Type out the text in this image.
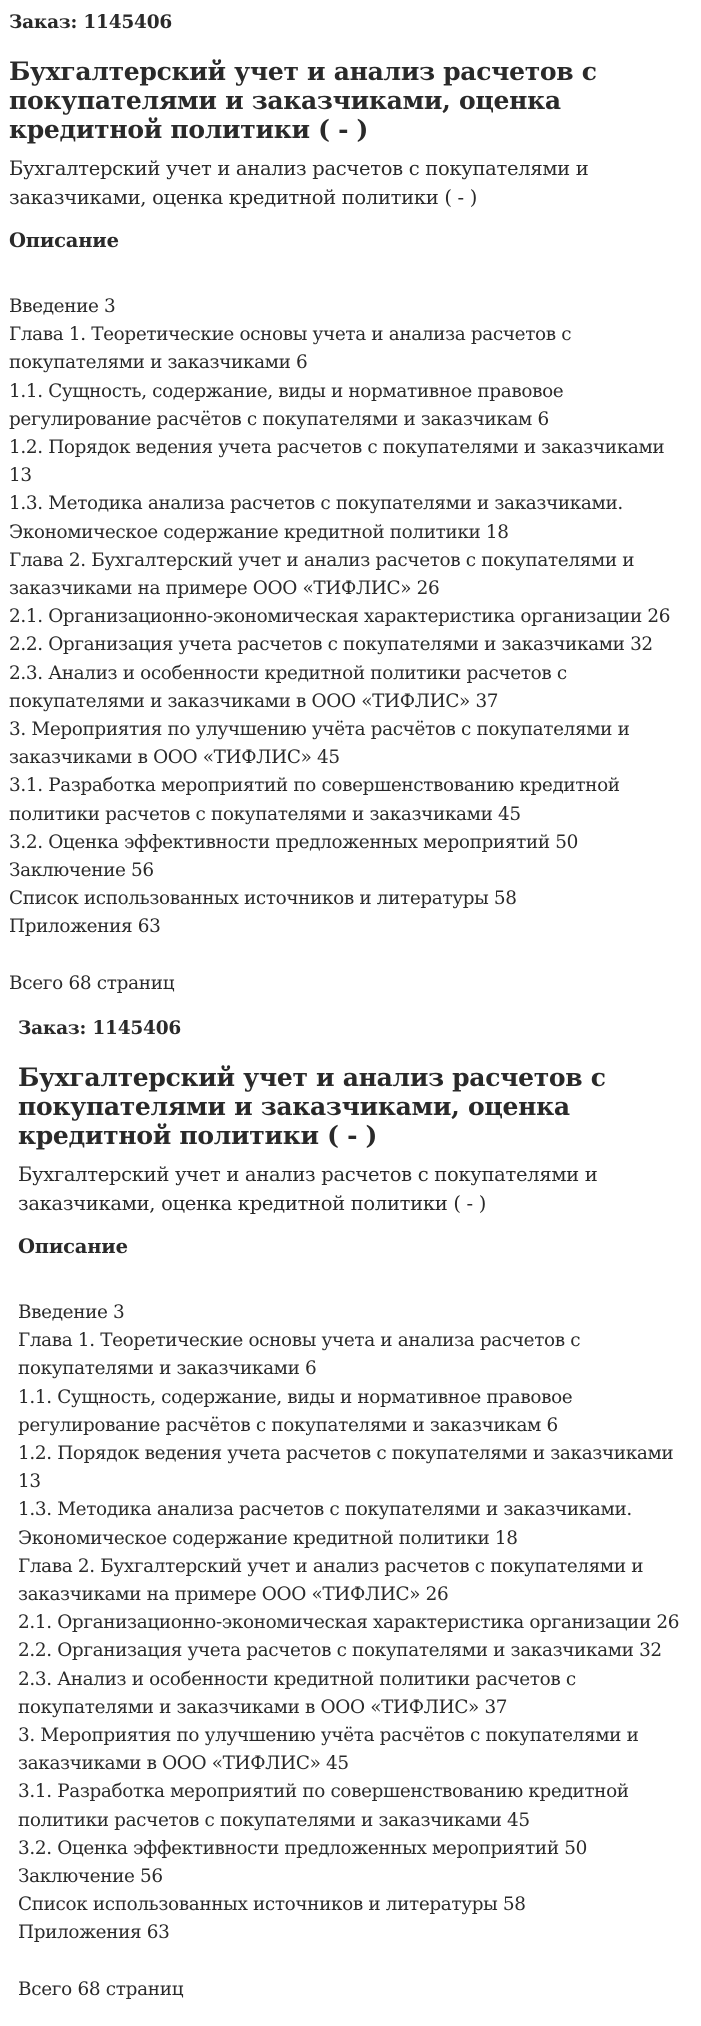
Заказ: 1145406
Бухгалтерский учет и анализ расчетов с покупателями и заказчиками, оценка кредитной политики ( - )
Бухгалтерский учет и анализ расчетов с покупателями и заказчиками, оценка кредитной политики ( - )
Описание
Введение 3
Глава 1. Теоретические основы учета и анализа расчетов с покупателями и заказчиками 6
1.1. Сущность, содержание, виды и нормативное правовое регулирование расчётов с покупателями и заказчикам 6
1.2. Порядок ведения учета расчетов с покупателями и заказчиками 13
1.3. Методика анализа расчетов с покупателями и заказчиками. Экономическое содержание кредитной политики 18
Глава 2. Бухгалтерский учет и анализ расчетов с покупателями и заказчиками на примере ООО «ТИФЛИС» 26
2.1. Организационно-экономическая характеристика организации 26
2.2. Организация учета расчетов с покупателями и заказчиками 32
2.3. Анализ и особенности кредитной политики расчетов с покупателями и заказчиками в ООО «ТИФЛИС» 37
3. Мероприятия по улучшению учёта расчётов с покупателями и заказчиками в ООО «ТИФЛИС» 45
3.1. Разработка мероприятий по совершенствованию кредитной политики расчетов с покупателями и заказчиками 45
3.2. Оценка эффективности предложенных мероприятий 50
Заключение 56
Список использованных источников и литературы 58
Приложения 63
Всего 68 страниц
Заказ: 1145406
Бухгалтерский учет и анализ расчетов с покупателями и заказчиками, оценка кредитной политики ( - )
Бухгалтерский учет и анализ расчетов с покупателями и заказчиками, оценка кредитной политики ( - )
Описание
Введение 3
Глава 1. Теоретические основы учета и анализа расчетов с покупателями и заказчиками 6
1.1. Сущность, содержание, виды и нормативное правовое регулирование расчётов с покупателями и заказчикам 6
1.2. Порядок ведения учета расчетов с покупателями и заказчиками 13
1.3. Методика анализа расчетов с покупателями и заказчиками. Экономическое содержание кредитной политики 18
Глава 2. Бухгалтерский учет и анализ расчетов с покупателями и заказчиками на примере ООО «ТИФЛИС» 26
2.1. Организационно-экономическая характеристика организации 26
2.2. Организация учета расчетов с покупателями и заказчиками 32
2.3. Анализ и особенности кредитной политики расчетов с покупателями и заказчиками в ООО «ТИФЛИС» 37
3. Мероприятия по улучшению учёта расчётов с покупателями и заказчиками в ООО «ТИФЛИС» 45
3.1. Разработка мероприятий по совершенствованию кредитной политики расчетов с покупателями и заказчиками 45
3.2. Оценка эффективности предложенных мероприятий 50
Заключение 56
Список использованных источников и литературы 58
Приложения 63
Всего 68 страниц
